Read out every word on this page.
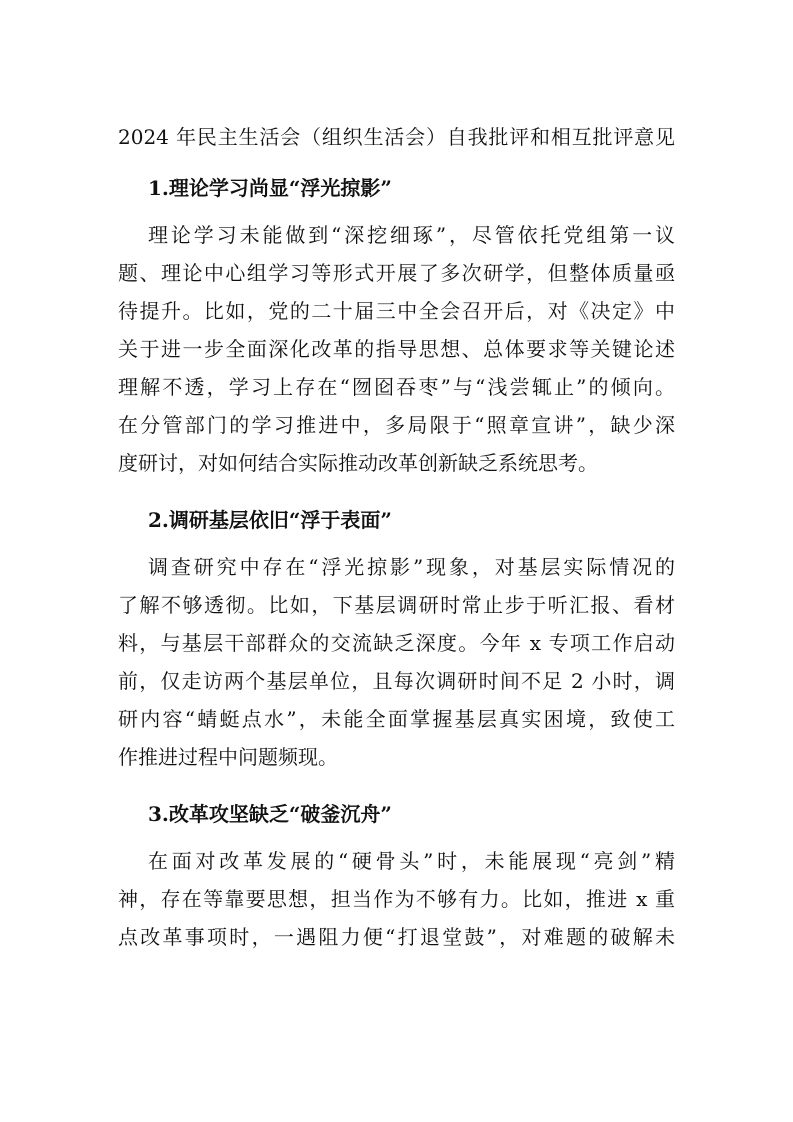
2024 年民主生活会（组织生活会）自我批评和相互批评意见
1.理论学习尚显“浮光掠影”
理论学习未能做到“深挖细琢”，尽管依托党组第一议
题、理论中心组学习等形式开展了多次研学，但整体质量亟
待提升。比如，党的二十届三中全会召开后，对《决定》中
关于进一步全面深化改革的指导思想、总体要求等关键论述
理解不透，学习上存在“囫囵吞枣”与“浅尝辄止”的倾向。
在分管部门的学习推进中，多局限于“照章宣讲”，缺少深
度研讨，对如何结合实际推动改革创新缺乏系统思考。
2.调研基层依旧“浮于表面”
调查研究中存在“浮光掠影”现象，对基层实际情况的
了解不够透彻。比如，下基层调研时常止步于听汇报、看材
料，与基层干部群众的交流缺乏深度。今年 x 专项工作启动
前，仅走访两个基层单位，且每次调研时间不足 2 小时，调
研内容“蜻蜓点水”，未能全面掌握基层真实困境，致使工
作推进过程中问题频现。
3.改革攻坚缺乏“破釜沉舟”
在面对改革发展的“硬骨头”时，未能展现“亮剑”精
神，存在等靠要思想，担当作为不够有力。比如，推进 x 重
点改革事项时，一遇阻力便“打退堂鼓”，对难题的破解未
